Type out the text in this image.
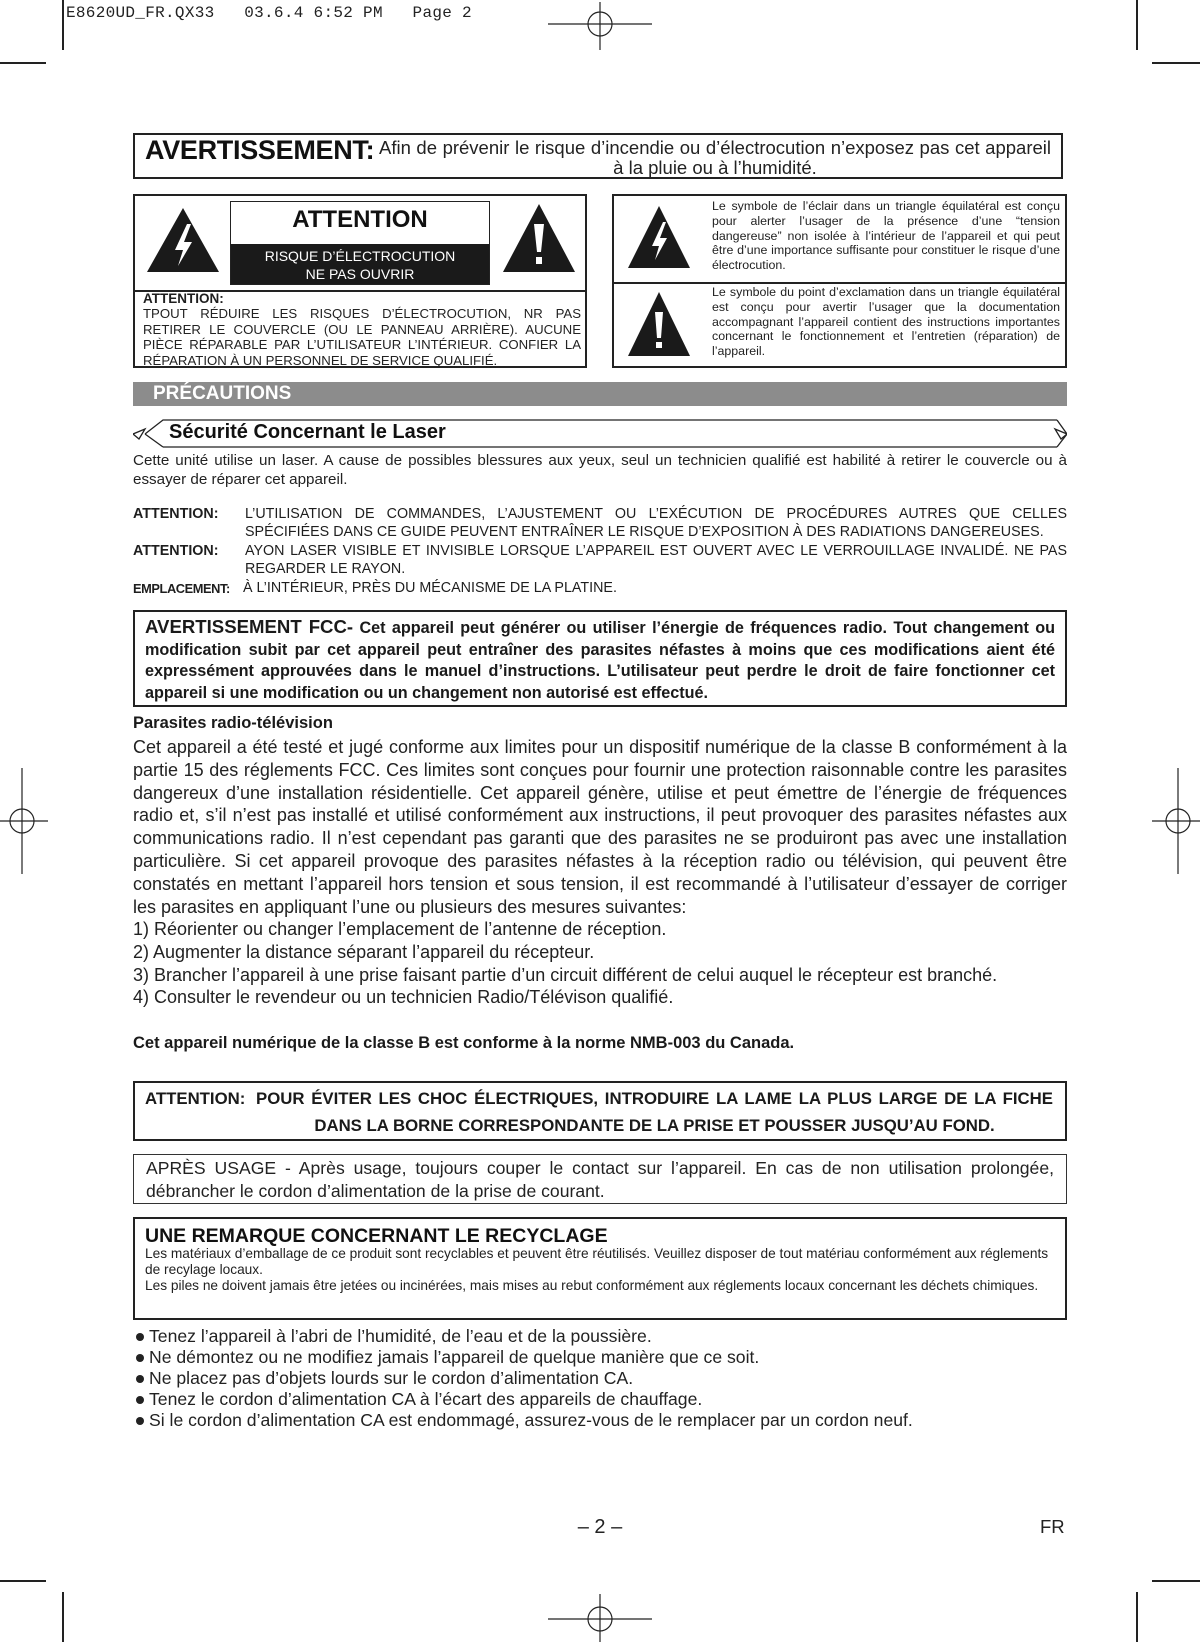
E8620UD_FR.QX33   03.6.4 6:52 PM   Page 2
AVERTISSEMENT: Afin de prévenir le risque d’incendie ou d’électrocution n’exposez pas cet appareil à la pluie ou à l’humidité.
ATTENTION
RISQUE D’ÉLECTROCUTION
NE PAS OUVRIR
ATTENTION:
TPOUT RÉDUIRE LES RISQUES D’ÉLECTROCUTION, NR PAS RETIRER LE COUVERCLE (OU LE PANNEAU ARRIÈRE). AUCUNE PIÈCE RÉPARABLE PAR L’UTILISATEUR L’INTÉRIEUR. CONFIER LA RÉPARATION À UN PERSONNEL DE SERVICE QUALIFIÉ.
Le symbole de l’éclair dans un triangle équilatéral est conçu pour alerter l’usager de la présence d’une “tension dangereuse” non isolée à l’intérieur de l’appareil et qui peut être d’une importance suffisante pour constituer le risque d’une électrocution.
Le symbole du point d’exclamation dans un triangle équilatéral est conçu pour avertir l’usager que la documentation accompagnant l’appareil contient des instructions importantes concernant le fonctionnement et l’entretien (réparation) de l’appareil.
PRÉCAUTIONS
Sécurité Concernant le Laser
Cette unité utilise un laser. A cause de possibles blessures aux yeux, seul un technicien qualifié est habilité à retirer le couvercle ou à essayer de réparer cet appareil.
ATTENTION: L’UTILISATION DE COMMANDES, L’AJUSTEMENT OU L’EXÉCUTION DE PROCÉDURES AUTRES QUE CELLES SPÉCIFIÉES DANS CE GUIDE PEUVENT ENTRAÎNER LE RISQUE D’EXPOSITION À DES RADIATIONS DANGEREUSES.
ATTENTION: AYON LASER VISIBLE ET INVISIBLE LORSQUE L’APPAREIL EST OUVERT AVEC LE VERROUILLAGE INVALIDÉ. NE PAS REGARDER LE RAYON.
EMPLACEMENT: À L’INTÉRIEUR, PRÈS DU MÉCANISME DE LA PLATINE.
AVERTISSEMENT FCC- Cet appareil peut générer ou utiliser l’énergie de fréquences radio. Tout changement ou modification subit par cet appareil peut entraîner des parasites néfastes à moins que ces modifications aient été expressément approuvées dans le manuel d’instructions. L’utilisateur peut perdre le droit de faire fonctionner cet appareil si une modification ou un changement non autorisé est effectué.
Parasites radio-télévision
Cet appareil a été testé et jugé conforme aux limites pour un dispositif numérique de la classe B conformément à la partie 15 des réglements FCC. Ces limites sont conçues pour fournir une protection raisonnable contre les parasites dangereux d’une installation résidentielle. Cet appareil génère, utilise et peut émettre de l’énergie de fréquences radio et, s’il n’est pas installé et utilisé conformément aux instructions, il peut provoquer des parasites néfastes aux communications radio. Il n’est cependant pas garanti que des parasites ne se produiront pas avec une installation particulière. Si cet appareil provoque des parasites néfastes à la réception radio ou télévision, qui peuvent être constatés en mettant l’appareil hors tension et sous tension, il est recommandé à l’utilisateur d’essayer de corriger les parasites en appliquant l’une ou plusieurs des mesures suivantes:
1) Réorienter ou changer l’emplacement de l’antenne de réception.
2) Augmenter la distance séparant l’appareil du récepteur.
3) Brancher l’appareil à une prise faisant partie d’un circuit différent de celui auquel le récepteur est branché.
4) Consulter le revendeur ou un technicien Radio/Télévison qualifié.
Cet appareil numérique de la classe B est conforme à la norme NMB-003 du Canada.
ATTENTION: POUR ÉVITER LES CHOC ÉLECTRIQUES, INTRODUIRE LA LAME LA PLUS LARGE DE LA FICHE DANS LA BORNE CORRESPONDANTE DE LA PRISE ET POUSSER JUSQU’AU FOND.
APRÈS USAGE - Après usage, toujours couper le contact sur l’appareil. En cas de non utilisation prolongée, débrancher le cordon d’alimentation de la prise de courant.
UNE REMARQUE CONCERNANT LE RECYCLAGE
Les matériaux d’emballage de ce produit sont recyclables et peuvent être réutilisés. Veuillez disposer de tout matériau conformément aux réglements de recylage locaux.
Les piles ne doivent jamais être jetées ou incinérées, mais mises au rebut conformément aux réglements locaux concernant les déchets chimiques.
Tenez l’appareil à l’abri de l’humidité, de l’eau et de la poussière.
Ne démontez ou ne modifiez jamais l’appareil de quelque manière que ce soit.
Ne placez pas d’objets lourds sur le cordon d’alimentation CA.
Tenez le cordon d’alimentation CA à l’écart des appareils de chauffage.
Si le cordon d’alimentation CA est endommagé, assurez-vous de le remplacer par un cordon neuf.
– 2 –	FR
